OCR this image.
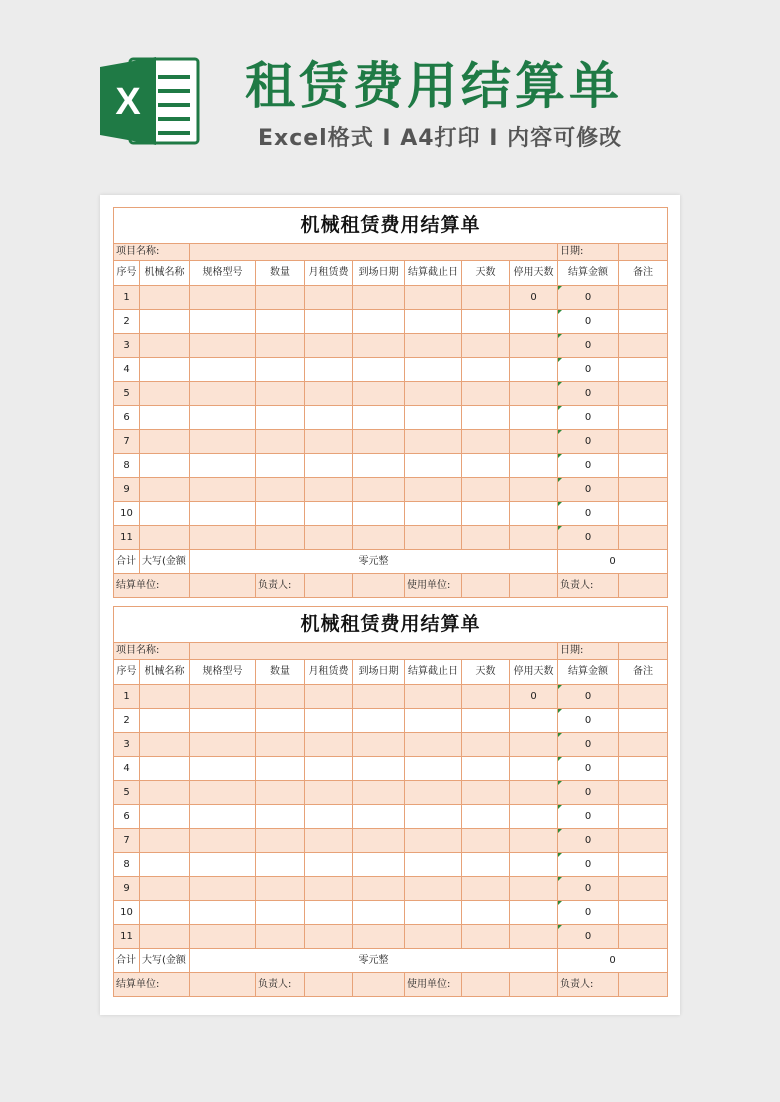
X 租赁费用结算单
Excel格式 I A4打印 I 内容可修改
机械租赁费用结算单										
项目名称:									日期:	
序号	机械名称	规格型号	数量	月租赁费	到场日期	结算截止日	天数	停用天数	结算金额	备注
1								0	0	
2									0	
3									0	
4									0	
5									0	
6									0	
7									0	
8									0	
9									0	
10									0	
11									0	
合计	大写(金额	零元整							0	
结算单位:			负责人:			使用单位:			负责人:	
机械租赁费用结算单										
项目名称:									日期:	
序号	机械名称	规格型号	数量	月租赁费	到场日期	结算截止日	天数	停用天数	结算金额	备注
1								0	0	
2									0	
3									0	
4									0	
5									0	
6									0	
7									0	
8									0	
9									0	
10									0	
11									0	
合计	大写(金额	零元整							0	
结算单位:			负责人:			使用单位:			负责人:	
